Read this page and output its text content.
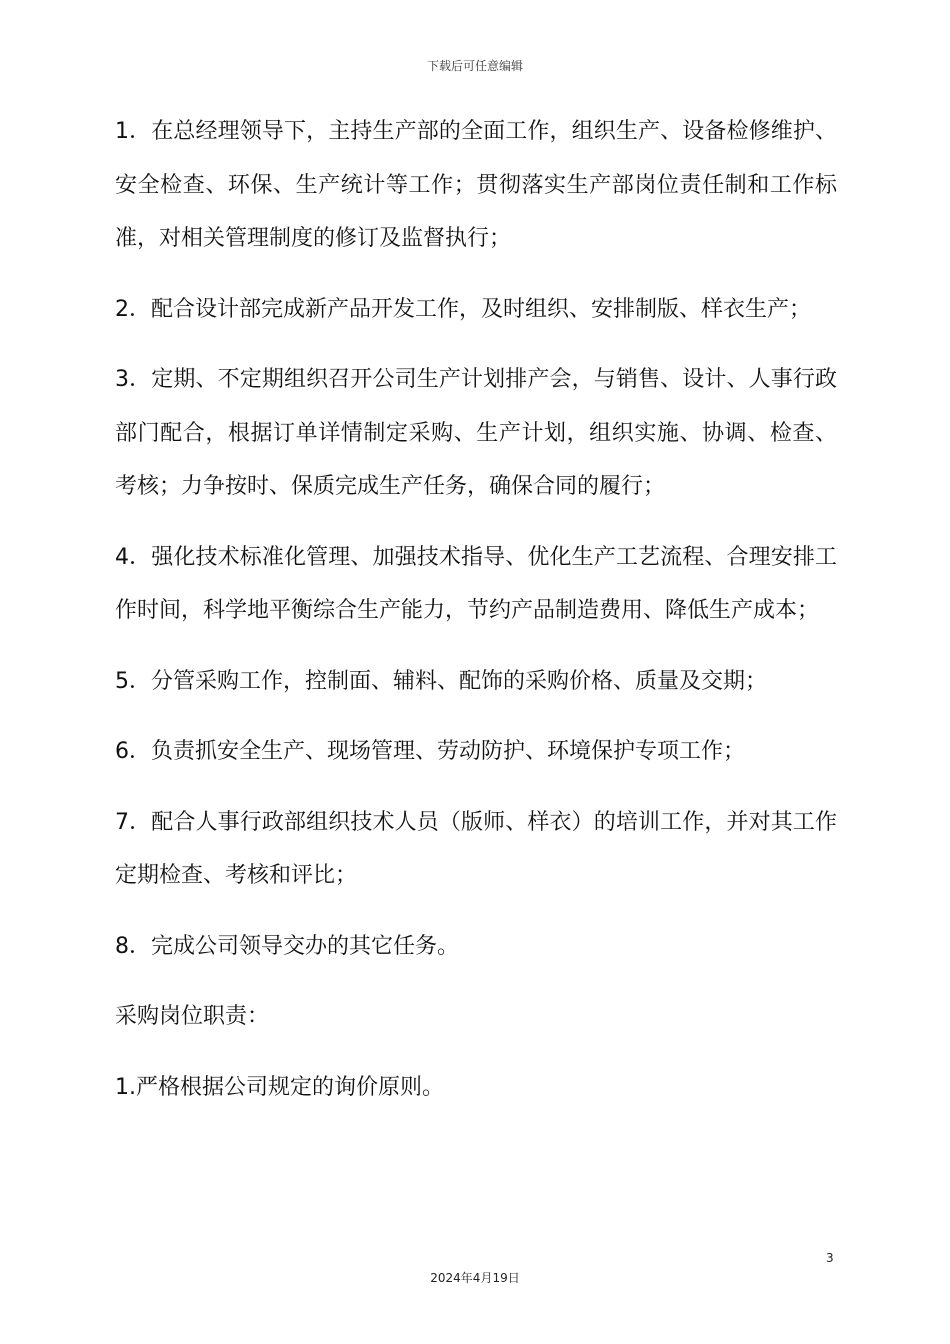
下载后可任意编辑

1．在总经理领导下，主持生产部的全面工作，组织生产、设备检修维护、安全检查、环保、生产统计等工作；贯彻落实生产部岗位责任制和工作标准，对相关管理制度的修订及监督执行；

2．配合设计部完成新产品开发工作，及时组织、安排制版、样衣生产；

3．定期、不定期组织召开公司生产计划排产会，与销售、设计、人事行政部门配合，根据订单详情制定采购、生产计划，组织实施、协调、检查、考核；力争按时、保质完成生产任务，确保合同的履行；

4．强化技术标准化管理、加强技术指导、优化生产工艺流程、合理安排工作时间，科学地平衡综合生产能力，节约产品制造费用、降低生产成本；

5．分管采购工作，控制面、辅料、配饰的采购价格、质量及交期；

6．负责抓安全生产、现场管理、劳动防护、环境保护专项工作；

7．配合人事行政部组织技术人员（版师、样衣）的培训工作，并对其工作定期检查、考核和评比；

8．完成公司领导交办的其它任务。

采购岗位职责：

1.严格根据公司规定的询价原则。

3
2024年4月19日
